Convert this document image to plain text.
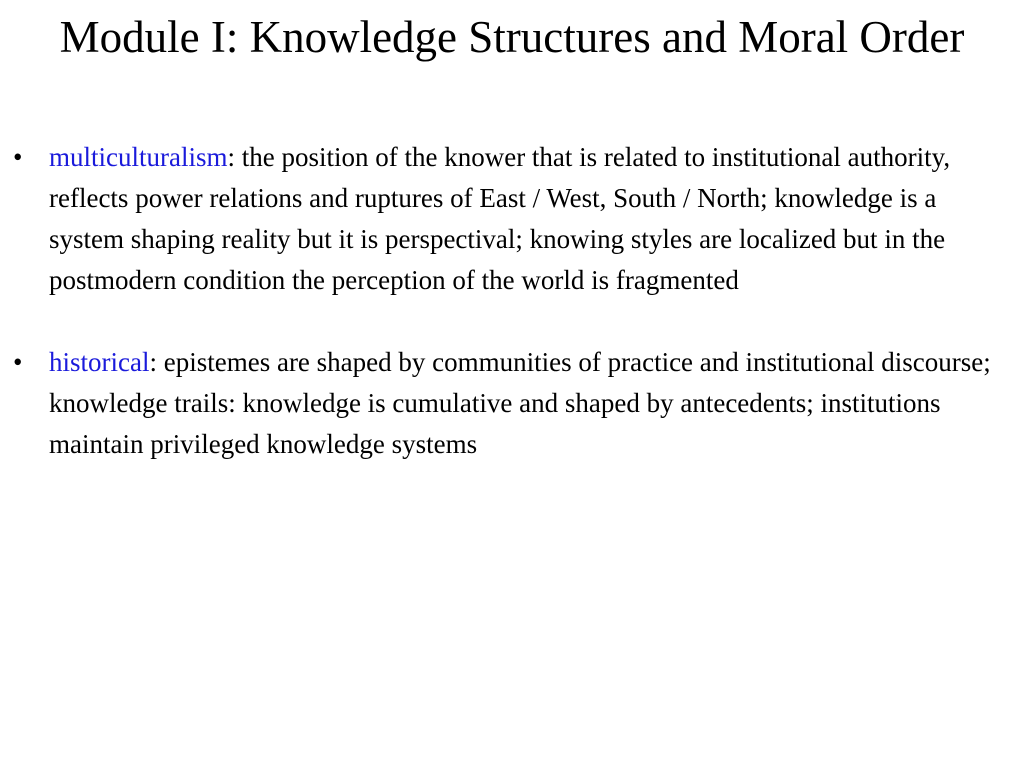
Module I: Knowledge Structures and Moral Order
• multiculturalism: the position of the knower that is related to institutional authority, reflects power relations and ruptures of East / West, South / North; knowledge is a system shaping reality but it is perspectival; knowing styles are localized but in the postmodern condition the perception of the world is fragmented
• historical: epistemes are shaped by communities of practice and institutional discourse; knowledge trails: knowledge is cumulative and shaped by antecedents; institutions maintain privileged knowledge systems
